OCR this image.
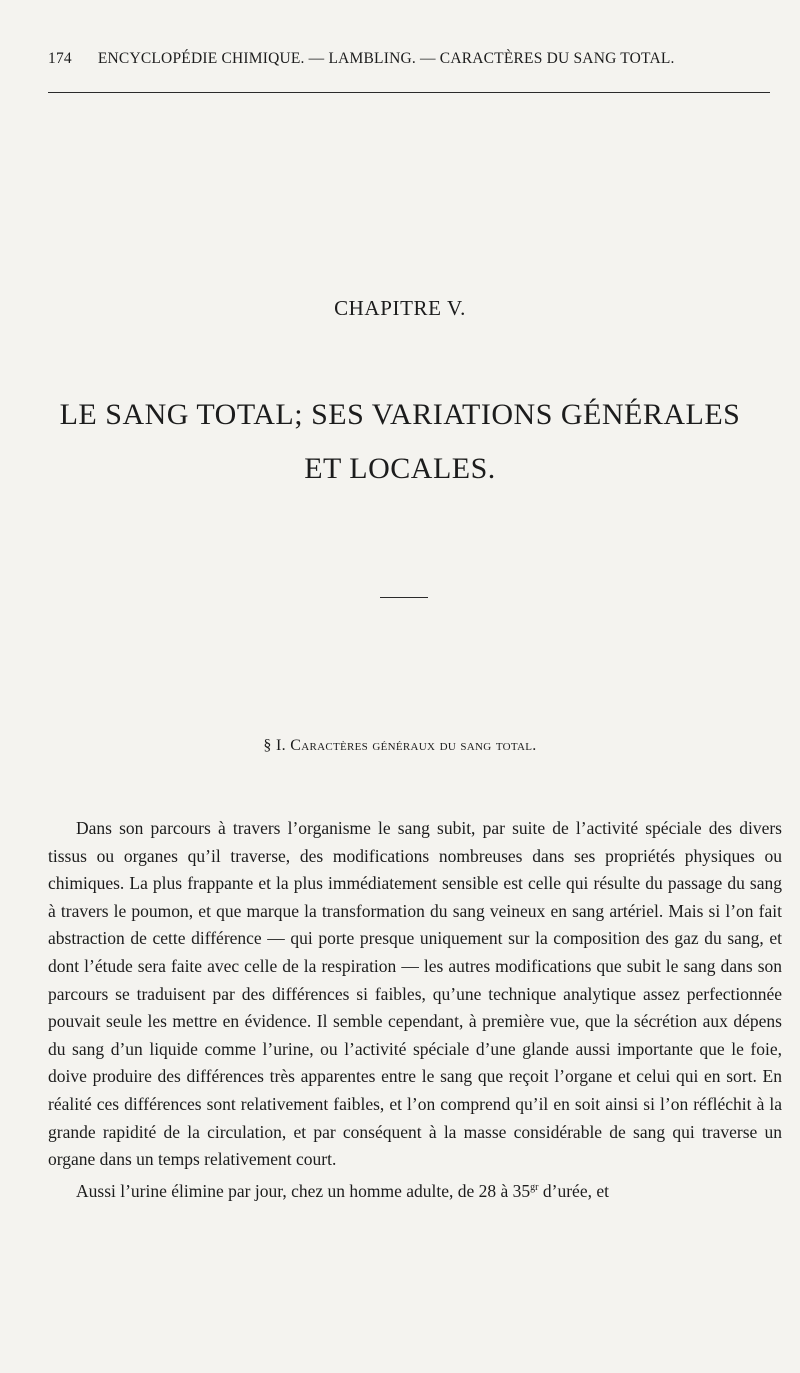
174 ENCYCLOPÉDIE CHIMIQUE. — LAMBLING. — CARACTÈRES DU SANG TOTAL.
CHAPITRE V.
LE SANG TOTAL; SES VARIATIONS GÉNÉRALES
ET LOCALES.
§ I. Caractères généraux du sang total.

Dans son parcours à travers l’organisme le sang subit, par suite de l’activité spéciale des divers tissus ou organes qu’il traverse, des modifications nombreuses dans ses propriétés physiques ou chimiques. La plus frappante et la plus immédiatement sensible est celle qui résulte du passage du sang à travers le poumon, et que marque la transformation du sang veineux en sang artériel. Mais si l’on fait abstraction de cette différence — qui porte presque uniquement sur la composition des gaz du sang, et dont l’étude sera faite avec celle de la respiration — les autres modifications que subit le sang dans son parcours se traduisent par des différences si faibles, qu’une technique analytique assez perfectionnée pouvait seule les mettre en évidence. Il semble cependant, à première vue, que la sécrétion aux dépens du sang d’un liquide comme l’urine, ou l’activité spéciale d’une glande aussi importante que le foie, doive produire des différences très apparentes entre le sang que reçoit l’organe et celui qui en sort. En réalité ces différences sont relativement faibles, et l’on comprend qu’il en soit ainsi si l’on réfléchit à la grande rapidité de la circulation, et par conséquent à la masse considérable de sang qui traverse un organe dans un temps relativement court.

Aussi l’urine élimine par jour, chez un homme adulte, de 28 à $35^{gr}$ d’urée, et
